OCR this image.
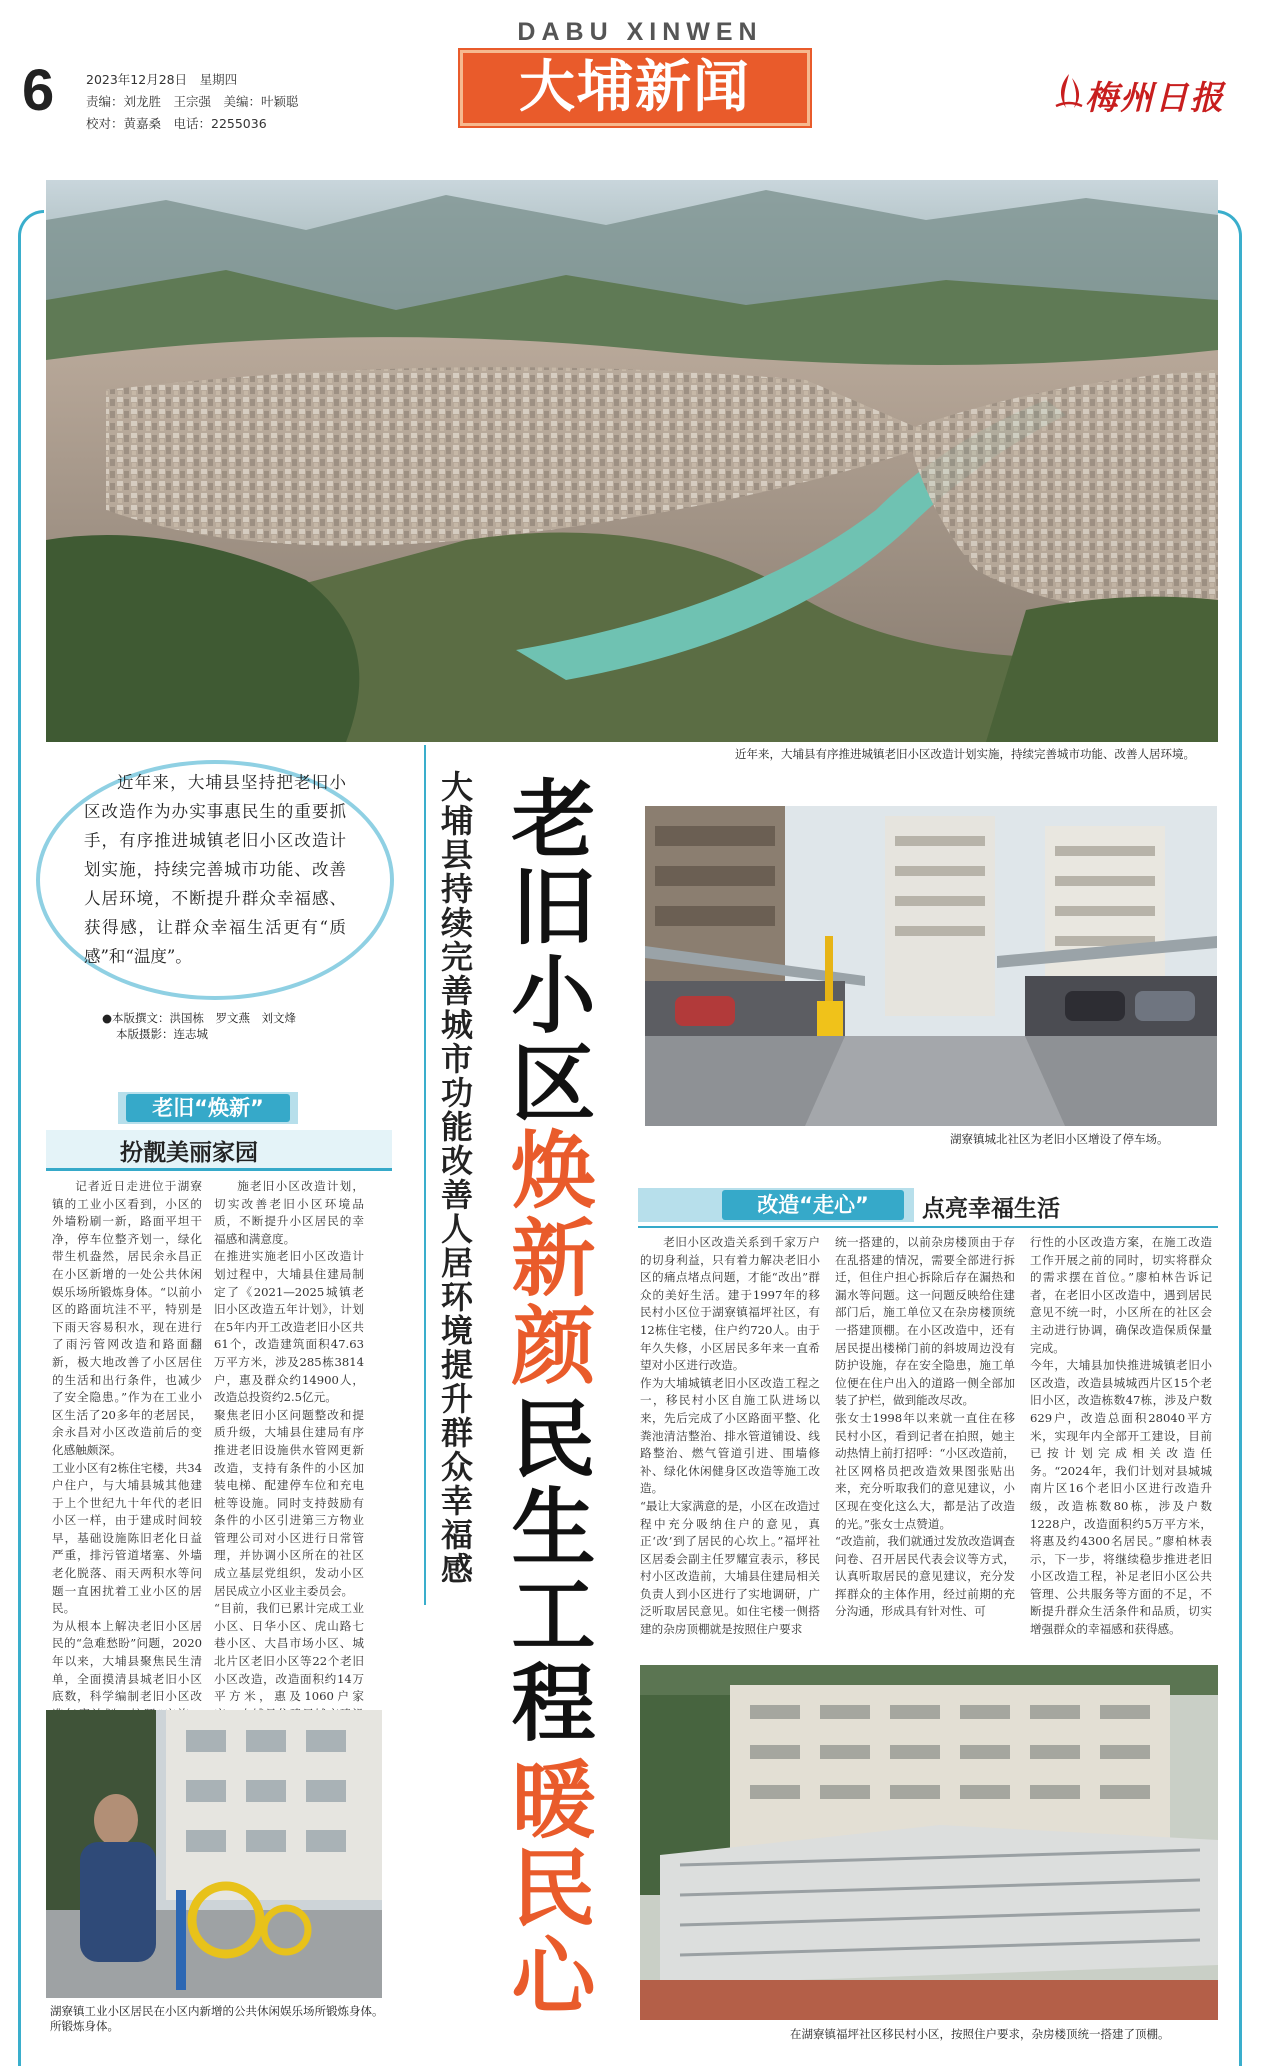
6	2023年12月28日　星期四
责编：刘龙胜　王宗强　美编：叶颖聪
校对：黄嘉桑　电话：2255036
DABU XINWEN
大埔新闻	梅州日报
近年来，大埔县有序推进城镇老旧小区改造计划实施，持续完善城市功能、改善人居环境。
近年来，大埔县坚持把老旧小区改造作为办实事惠民生的重要抓手，有序推进城镇老旧小区改造计划实施，持续完善城市功能、改善人居环境，不断提升群众幸福感、获得感，让群众幸福生活更有“质感”和“温度”。
●本版撰文：洪国栋　罗文燕　刘文烽
本版摄影：连志城	大埔县持续完善城市功能改善人居环境提升群众幸福感 老旧小区
焕新颜
民生工程
暖民心
湖寮镇城北社区为老旧小区增设了停车场。
老旧“焕新”
扮靓美丽家园
记者近日走进位于湖寮镇的工业小区看到，小区的外墙粉刷一新，路面平坦干净，停车位整齐划一，绿化带生机盎然，居民余永昌正在小区新增的一处公共休闲娱乐场所锻炼身体。“以前小区的路面坑洼不平，特别是下雨天容易积水，现在进行了雨污管网改造和路面翻新，极大地改善了小区居住的生活和出行条件，也减少了安全隐患。”作为在工业小区生活了20多年的老居民，余永昌对小区改造前后的变化感触颇深。
工业小区有2栋住宅楼，共34户住户，与大埔县城其他建于上个世纪九十年代的老旧小区一样，由于建成时间较早，基础设施陈旧老化日益严重，排污管道堵塞、外墙老化脱落、雨天两积水等问题一直困扰着工业小区的居民。
为从根本上解决老旧小区居民的“急难愁盼”问题，2020年以来，大埔县聚焦民生清单，全面摸清县城老旧小区底数，科学编制老旧小区改
施老旧小区改造计划，切实改善老旧小区环境品质，不断提升小区居民的幸福感和满意度。
在推进实施老旧小区改造计划过程中，大埔县住建局制定了《2021—2025城镇老旧小区改造五年计划》，计划在5年内开工改造老旧小区共61个，改造建筑面积47.63万平方米，涉及285栋3814户，惠及群众约14900人，改造总投资约2.5亿元。
聚焦老旧小区问题整改和提质升级，大埔县住建局有序推进老旧设施供水管网更新改造，支持有条件的小区加装电梯、配建停车位和充电桩等设施。同时支持鼓励有条件的小区引进第三方物业管理公司对小区进行日常管理，并协调小区所在的社区成立基层党组织，发动小区居民成立小区业主委员会。
“目前，我们已累计完成工业小区、日华小区、虎山路七巷小区、大昌市场小区、城北片区老旧小区等22个老旧小区改造，改造面积约14万平方米，惠及1060户家
湖寮镇工业小区居民在小区内新增的公共休闲娱乐场所锻炼身体。
所锻炼身体。
改造“走心”	点亮幸福生活
老旧小区改造关系到千家万户的切身利益，只有着力解决老旧小区的痛点堵点问题，才能“改出”群众的美好生活。建于1997年的移民村小区位于湖寮镇福坪社区，有12栋住宅楼，住户约720人。由于年久失修，小区居民多年来一直希望对小区进行改造。
作为大埔城镇老旧小区改造工程之一，移民村小区自施工队进场以来，先后完成了小区路面平整、化粪池清洁整治、排水管道铺设、线路整治、燃气管道引进、围墙修补、绿化休闲健身区改造等施工改造。
“最让大家满意的是，小区在改造过程中充分吸纳住户的意见，真正‘改’到了居民的心坎上。”福坪社区居委会副主任罗耀宣表示，移民村小区改造前，大埔县住建局相关负责人到小区进行了实地调研，广泛听取居民意见。如住宅楼一侧搭建的杂房顶棚就是按照住户要求
统一搭建的，以前杂房楼顶由于存在乱搭建的情况，需要全部进行拆迁，但住户担心拆除后存在漏热和漏水等问题。这一问题反映给住建部门后，施工单位又在杂房楼顶统一搭建顶棚。在小区改造中，还有居民提出楼梯门前的斜坡周边没有防护设施，存在安全隐患，施工单位便在住户出入的道路一侧全部加装了护栏，做到能改尽改。
张女士1998年以来就一直住在移民村小区，看到记者在拍照，她主动热情上前打招呼：“小区改造前，社区网格员把改造效果图张贴出来，充分听取我们的意见建议，小区现在变化这么大，都是沾了改造的光。”张女士点赞道。
“改造前，我们就通过发放改造调查问卷、召开居民代表会议等方式，认真听取居民的意见建议，充分发挥群众的主体作用，经过前期的充分沟通，形成具有针对性、可
行性的小区改造方案，在施工改造工作开展之前的同时，切实将群众的需求摆在首位。”廖柏林告诉记者，在老旧小区改造中，遇到居民意见不统一时，小区所在的社区会主动进行协调，确保改造保质保量完成。
今年，大埔县加快推进城镇老旧小区改造，改造县城城西片区15个老旧小区，改造栋数47栋，涉及户数629户，改造总面积28040平方米，实现年内全部开工建设，目前已按计划完成相关改造任务。“2024年，我们计划对县城城南片区16个老旧小区进行改造升级，改造栋数80栋，涉及户数1228户，改造面积约5万平方米，将惠及约4300名居民。”廖柏林表示，下一步，将继续稳步推进老旧小区改造工程，补足老旧小区公共管理、公共服务等方面的不足，不断提升群众生活条件和品质，切实增强群众的幸福感和获得感。
在湖寮镇福坪社区移民村小区，按照住户要求，杂房楼顶统一搭建了顶棚。
